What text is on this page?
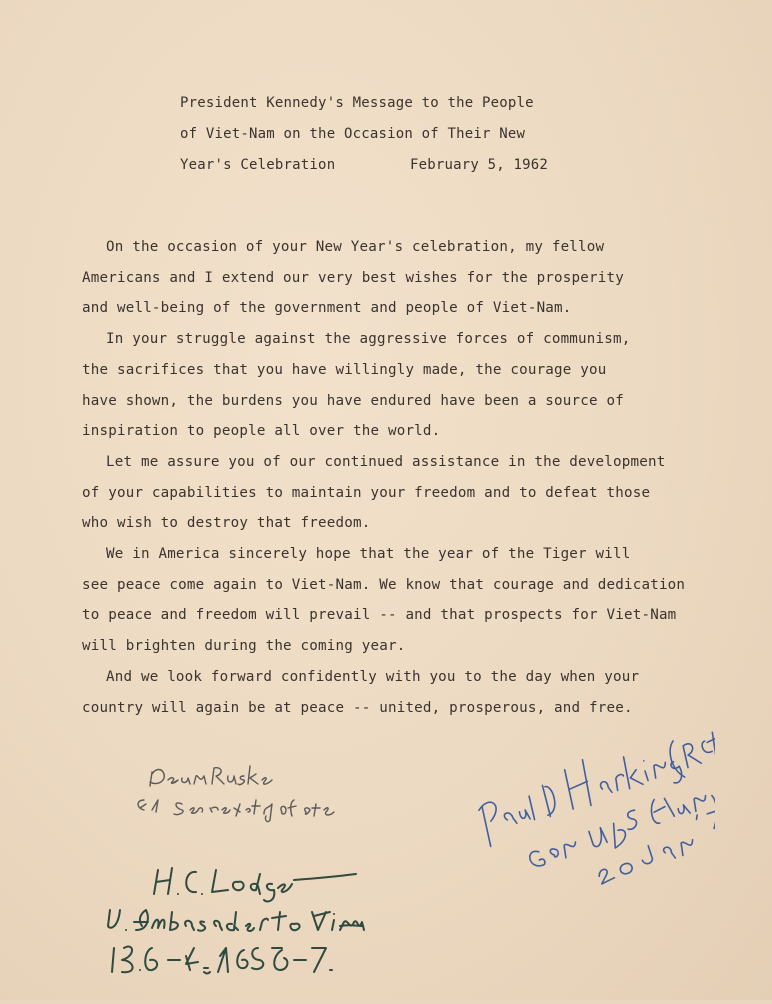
President Kennedy's Message to the People
of Viet-Nam on the Occasion of Their New
Year's Celebration	February 5, 1962

On the occasion of your New Year's celebration, my fellow
Americans and I extend our very best wishes for the prosperity
and well-being of the government and people of Viet-Nam.

In your struggle against the aggressive forces of communism,
the sacrifices that you have willingly made, the courage you
have shown, the burdens you have endured have been a source of
inspiration to people all over the world.

Let me assure you of our continued assistance in the development
of your capabilities to maintain your freedom and to defeat those
who wish to destroy that freedom.

We in America sincerely hope that the year of the Tiger will
see peace come again to Viet-Nam. We know that courage and dedication
to peace and freedom will prevail -- and that prospects for Viet-Nam
will brighten during the coming year.

And we look forward confidently with you to the day when your
country will again be at peace -- united, prosperous, and free.
